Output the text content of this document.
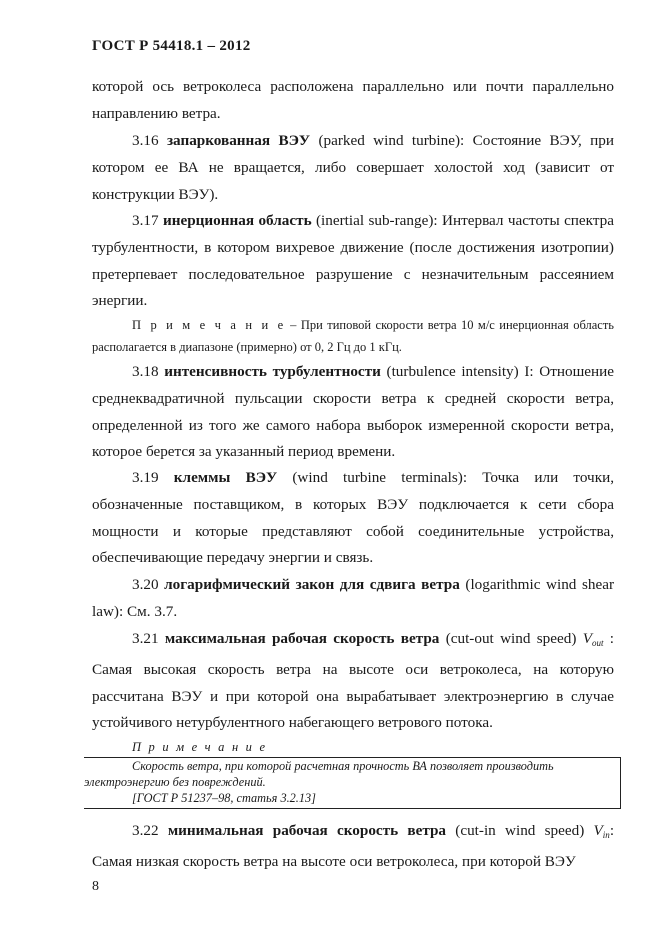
ГОСТ Р 54418.1 – 2012

которой ось ветроколеса расположена параллельно или почти параллельно направлению ветра.

3.16 запаркованная ВЭУ (parked wind turbine): Состояние ВЭУ, при котором ее ВА не вращается, либо совершает холостой ход (зависит от конструкции ВЭУ).

3.17 инерционная область (inertial sub-range): Интервал частоты спектра турбулентности, в котором вихревое движение (после достижения изотропии) претерпевает последовательное разрушение с незначительным рассеянием энергии.

П р и м е ч а н и е – При типовой скорости ветра 10 м/с инерционная область располагается в диапазоне (примерно) от 0, 2 Гц до 1 кГц.

3.18 интенсивность турбулентности (turbulence intensity) I: Отношение среднеквадратичной пульсации скорости ветра к средней скорости ветра, определенной из того же самого набора выборок измеренной скорости ветра, которое берется за указанный период времени.

3.19 клеммы ВЭУ (wind turbine terminals): Точка или точки, обозначенные поставщиком, в которых ВЭУ подключается к сети сбора мощности и которые представляют собой соединительные устройства, обеспечивающие передачу энергии и связь.

3.20 логарифмический закон для сдвига ветра (logarithmic wind shear law): См. 3.7.

3.21 максимальная рабочая скорость ветра (cut-out wind speed) $V_{out}$ : Самая высокая скорость ветра на высоте оси ветроколеса, на которую рассчитана ВЭУ и при которой она вырабатывает электроэнергию в случае устойчивого нетурбулентного набегающего ветрового потока.

П р и м е ч а н и е
Скорость ветра, при которой расчетная прочность ВА позволяет производить
электроэнергию без повреждений.
[ГОСТ Р 51237–98, статья 3.2.13]

3.22 минимальная рабочая скорость ветра (cut-in wind speed) $V_{in}$: Самая низкая скорость ветра на высоте оси ветроколеса, при которой ВЭУ

8
